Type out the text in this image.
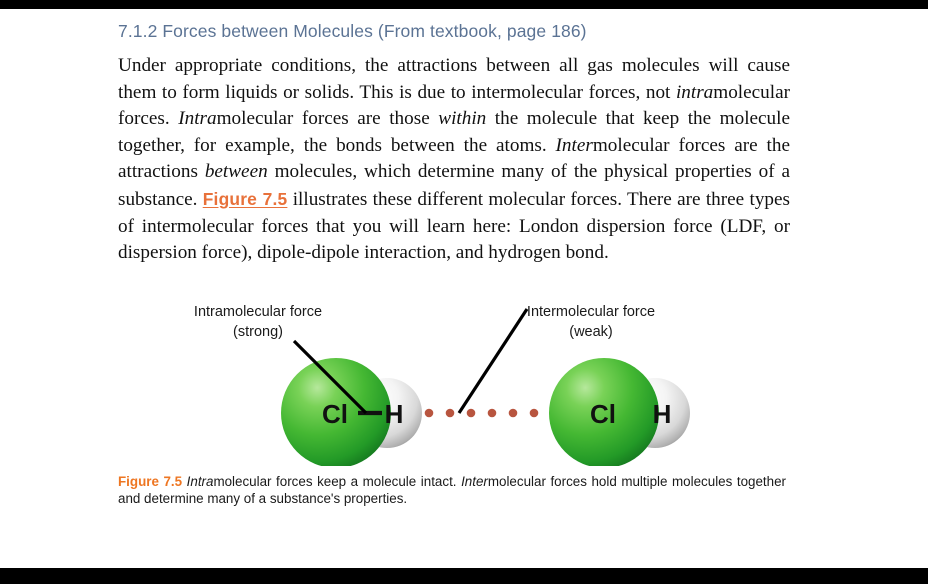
7.1.2 Forces between Molecules (From textbook, page 186)

Under appropriate conditions, the attractions between all gas molecules will cause them to form liquids or solids. This is due to intermolecular forces, not intramolecular forces. Intramolecular forces are those within the molecule that keep the molecule together, for example, the bonds between the atoms. Intermolecular forces are the attractions between molecules, which determine many of the physical properties of a substance. Figure 7.5 illustrates these different molecular forces. There are three types of intermolecular forces that you will learn here: London dispersion force (LDF, or dispersion force), dipole-dipole interaction, and hydrogen bond.

Intramolecular force
(strong)
Intermolecular force
(weak)
Cl H	Cl H

Figure 7.5 Intramolecular forces keep a molecule intact. Intermolecular forces hold multiple molecules together and determine many of a substance's properties.
